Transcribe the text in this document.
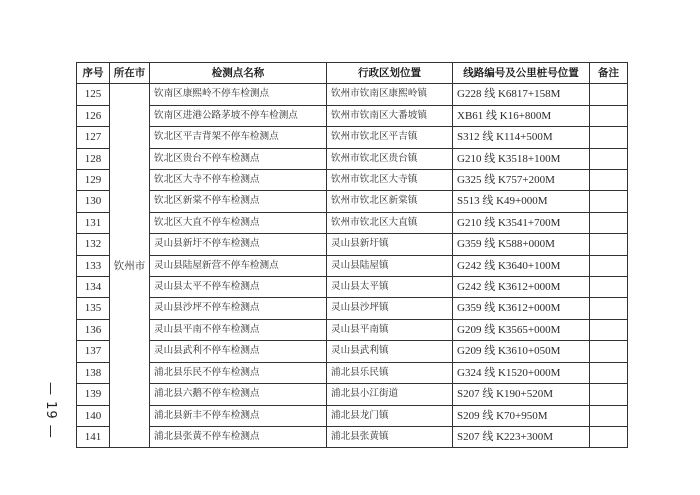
— 19 —
序号	所在市	检测点名称	行政区划位置	线路编号及公里桩号位置	备注
125	钦州市	钦南区康熙岭不停车检测点	钦州市钦南区康熙岭镇	G228 线 K6817+158M	
126		钦南区进港公路茅坡不停车检测点	钦州市钦南区大番坡镇	XB61 线 K16+800M	
127		钦北区平吉背架不停车检测点	钦州市钦北区平吉镇	S312 线 K114+500M	
128		钦北区贵台不停车检测点	钦州市钦北区贵台镇	G210 线 K3518+100M	
129		钦北区大寺不停车检测点	钦州市钦北区大寺镇	G325 线 K757+200M	
130		钦北区新棠不停车检测点	钦州市钦北区新棠镇	S513 线 K49+000M	
131		钦北区大直不停车检测点	钦州市钦北区大直镇	G210 线 K3541+700M	
132		灵山县新圩不停车检测点	灵山县新圩镇	G359 线 K588+000M	
133		灵山县陆屋新营不停车检测点	灵山县陆屋镇	G242 线 K3640+100M	
134		灵山县太平不停车检测点	灵山县太平镇	G242 线 K3612+000M	
135		灵山县沙坪不停车检测点	灵山县沙坪镇	G359 线 K3612+000M	
136		灵山县平南不停车检测点	灵山县平南镇	G209 线 K3565+000M	
137		灵山县武利不停车检测点	灵山县武利镇	G209 线 K3610+050M	
138		浦北县乐民不停车检测点	浦北县乐民镇	G324 线 K1520+000M	
139		浦北县六鹅不停车检测点	浦北县小江街道	S207 线 K190+520M	
140		浦北县新丰不停车检测点	浦北县龙门镇	S209 线 K70+950M	
141		浦北县张黄不停车检测点	浦北县张黄镇	S207 线 K223+300M	
